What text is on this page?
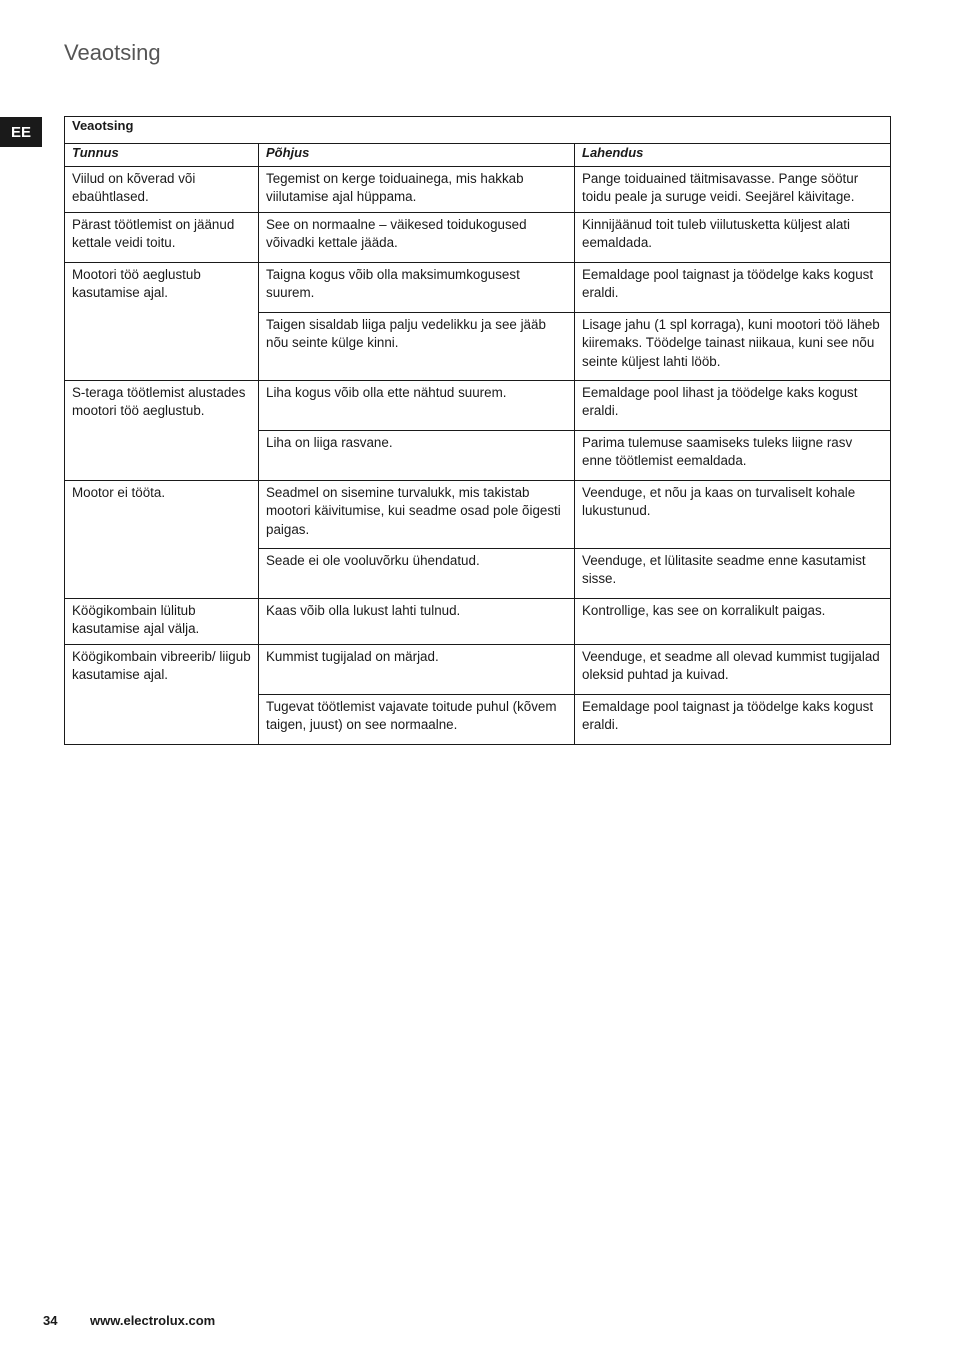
Veaotsing
EE	Veaotsing		
Tunnus	Põhjus	Lahendus
Viilud on kõverad või ebaühtlased.	Tegemist on kerge toiduainega, mis hakkab viilutamise ajal hüppama.	Pange toiduained täitmisavasse. Pange söötur toidu peale ja suruge veidi. Seejärel käivitage.
Pärast töötlemist on jäänud kettale veidi toitu.	See on normaalne – väikesed toidukogused võivadki kettale jääda.	Kinnijäänud toit tuleb viilutusketta küljest alati eemaldada.
Mootori töö aeglustub kasutamise ajal.	Taigna kogus võib olla maksimumkogusest suurem.	Eemaldage pool taignast ja töödelge kaks kogust eraldi.
	Taigen sisaldab liiga palju vedelikku ja see jääb nõu seinte külge kinni.	Lisage jahu (1 spl korraga), kuni mootori töö läheb kiiremaks. Töödelge tainast niikaua, kuni see nõu seinte küljest lahti lööb.
S-teraga töötlemist alustades mootori töö aeglustub.	Liha kogus võib olla ette nähtud suurem.	Eemaldage pool lihast ja töödelge kaks kogust eraldi.
	Liha on liiga rasvane.	Parima tulemuse saamiseks tuleks liigne rasv enne töötlemist eemaldada.
Mootor ei tööta.	Seadmel on sisemine turvalukk, mis takistab mootori käivitumise, kui seadme osad pole õigesti paigas.	Veenduge, et nõu ja kaas on turvaliselt kohale lukustunud.
	Seade ei ole vooluvõrku ühendatud.	Veenduge, et lülitasite seadme enne kasutamist sisse.
Köögikombain lülitub kasutamise ajal välja.	Kaas võib olla lukust lahti tulnud.	Kontrollige, kas see on korralikult paigas.
Köögikombain vibreerib/ liigub kasutamise ajal.	Kummist tugijalad on märjad.	Veenduge, et seadme all olevad kummist tugijalad oleksid puhtad ja kuivad.
	Tugevat töötlemist vajavate toitude puhul (kõvem taigen, juust) on see normaalne.	Eemaldage pool taignast ja töödelge kaks kogust eraldi.
34	www.electrolux.com
